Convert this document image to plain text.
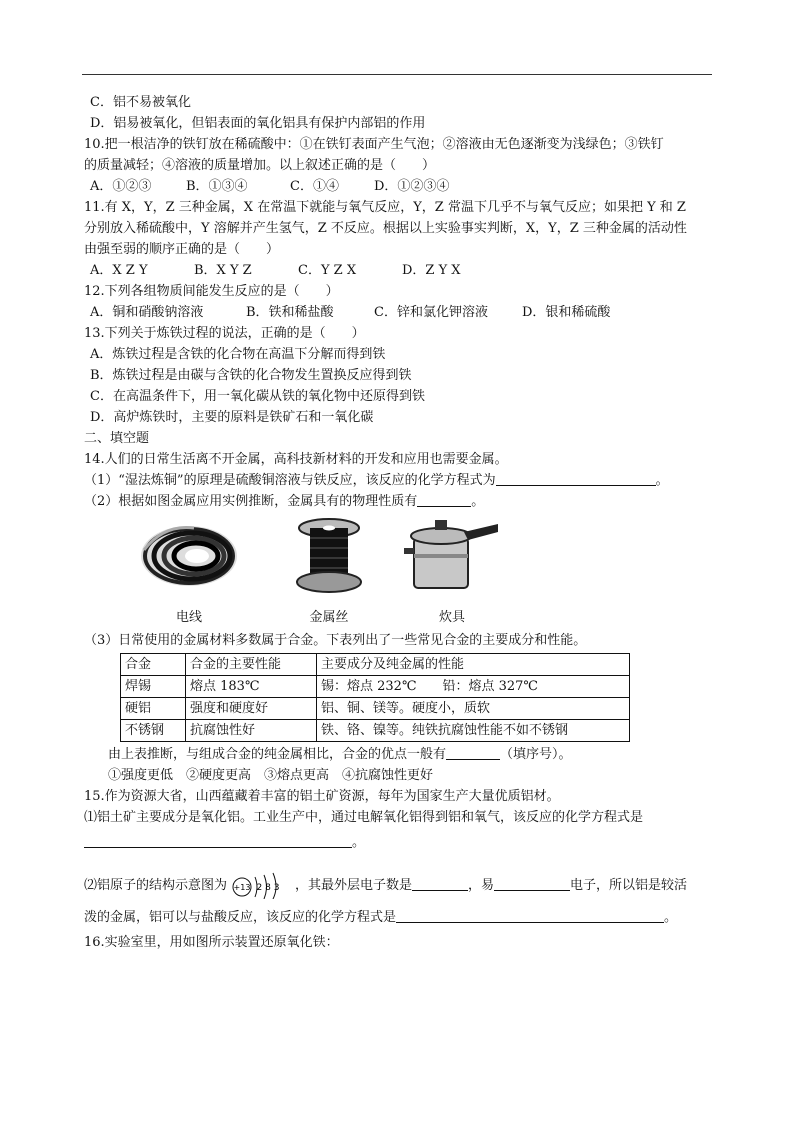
C．铝不易被氧化
D．铝易被氧化，但铝表面的氧化铝具有保护内部铝的作用
10.把一根洁净的铁钉放在稀硫酸中：①在铁钉表面产生气泡；②溶液由无色逐渐变为浅绿色；③铁钉
的质量减轻；④溶液的质量增加。以上叙述正确的是（　　）
A．①②③	B．①③④	C．①④	D．①②③④
11.有 X，Y，Z 三种金属，X 在常温下就能与氧气反应，Y，Z 常温下几乎不与氧气反应；如果把 Y 和 Z
分别放入稀硫酸中，Y 溶解并产生氢气，Z 不反应。根据以上实验事实判断，X，Y，Z 三种金属的活动性
由强至弱的顺序正确的是（　　）
A．X Z Y	B．X Y Z	C．Y Z X	D．Z Y X
12.下列各组物质间能发生反应的是（　　）
A．铜和硝酸钠溶液	B．铁和稀盐酸	C．锌和氯化钾溶液	D．银和稀硫酸
13.下列关于炼铁过程的说法，正确的是（　　）
A．炼铁过程是含铁的化合物在高温下分解而得到铁
B．炼铁过程是由碳与含铁的化合物发生置换反应得到铁
C．在高温条件下，用一氧化碳从铁的氧化物中还原得到铁
D．高炉炼铁时，主要的原料是铁矿石和一氧化碳
二、填空题
14.人们的日常生活离不开金属，高科技新材料的开发和应用也需要金属。
（1）“湿法炼铜”的原理是硫酸铜溶液与铁反应，该反应的化学方程式为	。
（2）根据如图金属应用实例推断，金属具有的物理性质有	。
电线	金属丝	炊具
（3）日常使用的金属材料多数属于合金。下表列出了一些常见合金的主要成分和性能。
合金	合金的主要性能	主要成分及纯金属的性能
焊锡	熔点 183℃	锡：熔点 232℃　　铅：熔点 327℃
硬铝	强度和硬度好	铝、铜、镁等。硬度小，质软
不锈钢	抗腐蚀性好	铁、铬、镍等。纯铁抗腐蚀性能不如不锈钢
由上表推断，与组成合金的纯金属相比，合金的优点一般有	（填序号）。
①强度更低　②硬度更高　③熔点更高　④抗腐蚀性更好
15.作为资源大省，山西蕴藏着丰富的铝土矿资源，每年为国家生产大量优质铝材。
⑴铝土矿主要成分是氧化铝。工业生产中，通过电解氧化铝得到铝和氧气，该反应的化学方程式是
。
⑵铝原子的结构示意图为 +13 2 8 3 ，其最外层电子数是	，易	电子，所以铝是较活
泼的金属，铝可以与盐酸反应，该反应的化学方程式是	。
16.实验室里，用如图所示装置还原氧化铁：
